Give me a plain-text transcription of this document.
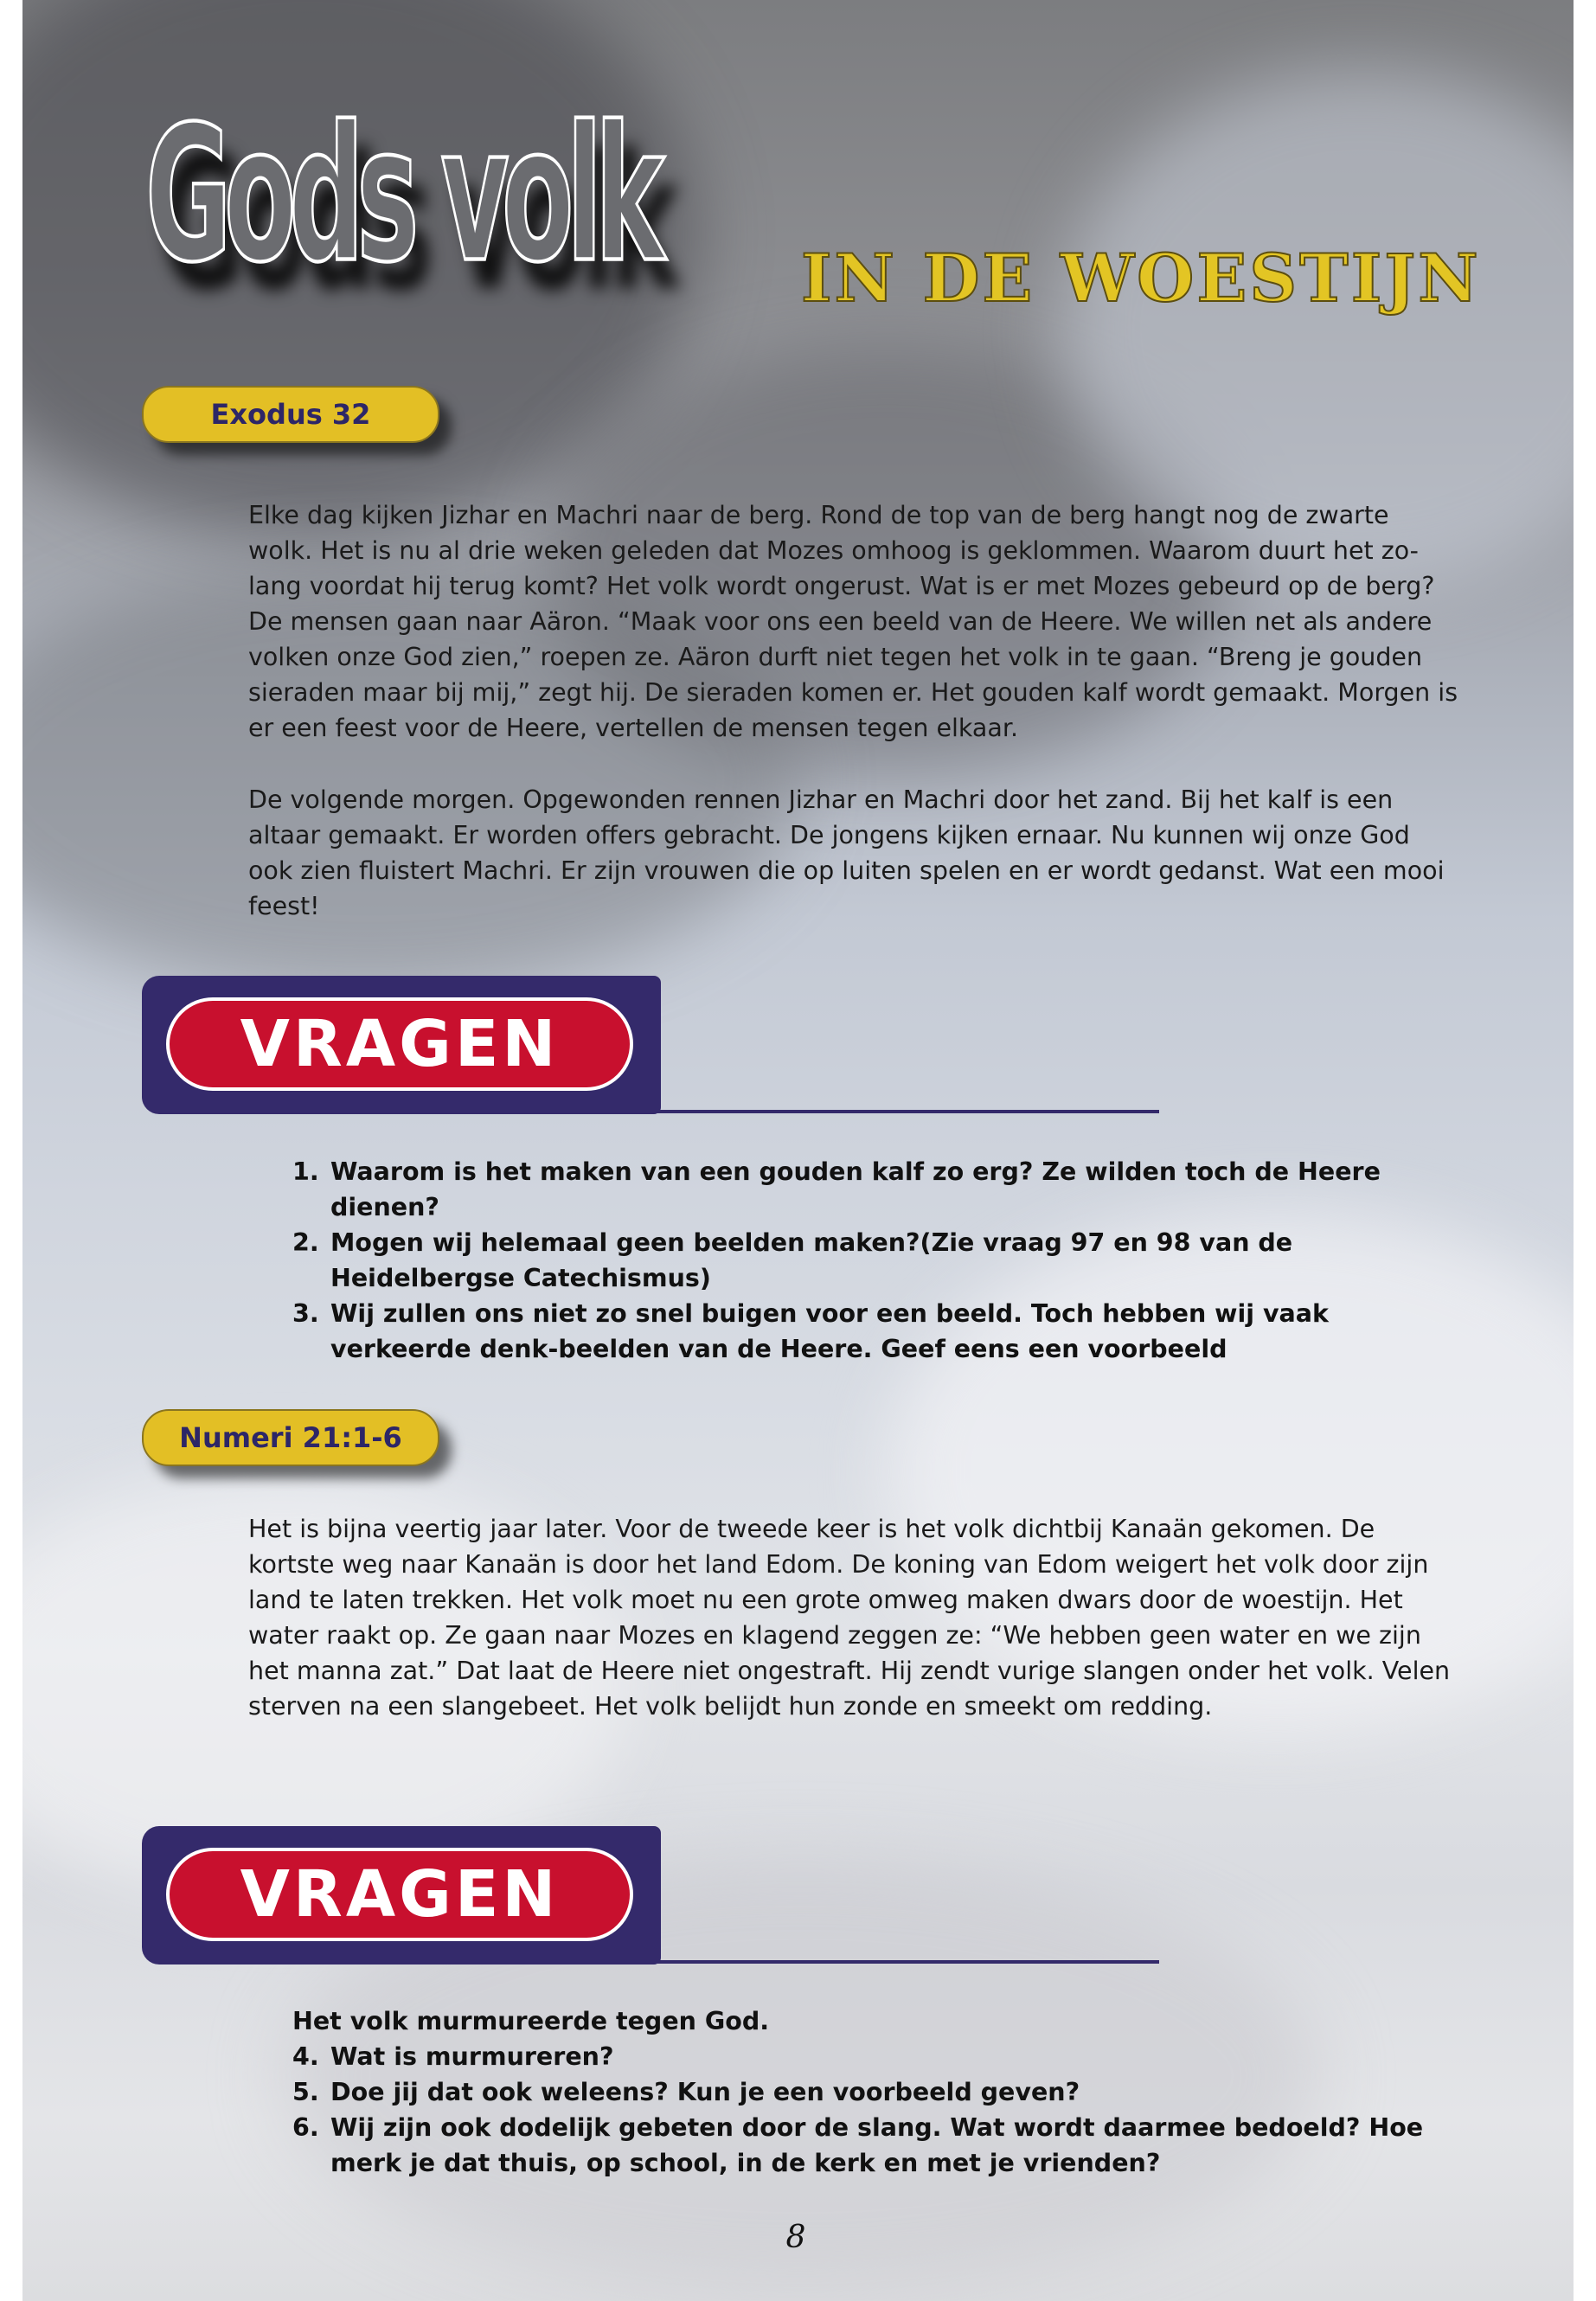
Gods volk IN DE WOESTIJN
Exodus 32

Elke dag kijken Jizhar en Machri naar de berg. Rond de top van de berg hangt nog de zwarte wolk. Het is nu al drie weken geleden dat Mozes omhoog is geklommen. Waarom duurt het zo-lang voordat hij terug komt? Het volk wordt ongerust. Wat is er met Mozes gebeurd op de berg? De mensen gaan naar Aäron. “Maak voor ons een beeld van de Heere. We willen net als andere volken onze God zien,” roepen ze. Aäron durft niet tegen het volk in te gaan. “Breng je gouden sieraden maar bij mij,” zegt hij. De sieraden komen er. Het gouden kalf wordt gemaakt. Morgen is er een feest voor de Heere, vertellen de mensen tegen elkaar.

De volgende morgen. Opgewonden rennen Jizhar en Machri door het zand. Bij het kalf is een altaar gemaakt. Er worden offers gebracht. De jongens kijken ernaar. Nu kunnen wij onze God ook zien fluistert Machri. Er zijn vrouwen die op luiten spelen en er wordt gedanst. Wat een mooi feest!

VRAGEN
1. Waarom is het maken van een gouden kalf zo erg? Ze wilden toch de Heere dienen?
2. Mogen wij helemaal geen beelden maken?(Zie vraag 97 en 98 van de Heidelbergse Catechismus)
3. Wij zullen ons niet zo snel buigen voor een beeld. Toch hebben wij vaak verkeerde denk-beelden van de Heere. Geef eens een voorbeeld
Numeri 21:1-6

Het is bijna veertig jaar later. Voor de tweede keer is het volk dichtbij Kanaän gekomen. De kortste weg naar Kanaän is door het land Edom. De koning van Edom weigert het volk door zijn land te laten trekken. Het volk moet nu een grote omweg maken dwars door de woestijn. Het water raakt op. Ze gaan naar Mozes en klagend zeggen ze: “We hebben geen water en we zijn het manna zat.” Dat laat de Heere niet ongestraft. Hij zendt vurige slangen onder het volk. Velen sterven na een slangebeet. Het volk belijdt hun zonde en smeekt om redding.

VRAGEN
Het volk murmureerde tegen God.
4. Wat is murmureren?
5. Doe jij dat ook weleens? Kun je een voorbeeld geven?
6. Wij zijn ook dodelijk gebeten door de slang. Wat wordt daarmee bedoeld? Hoe merk je dat thuis, op school, in de kerk en met je vrienden?
8
